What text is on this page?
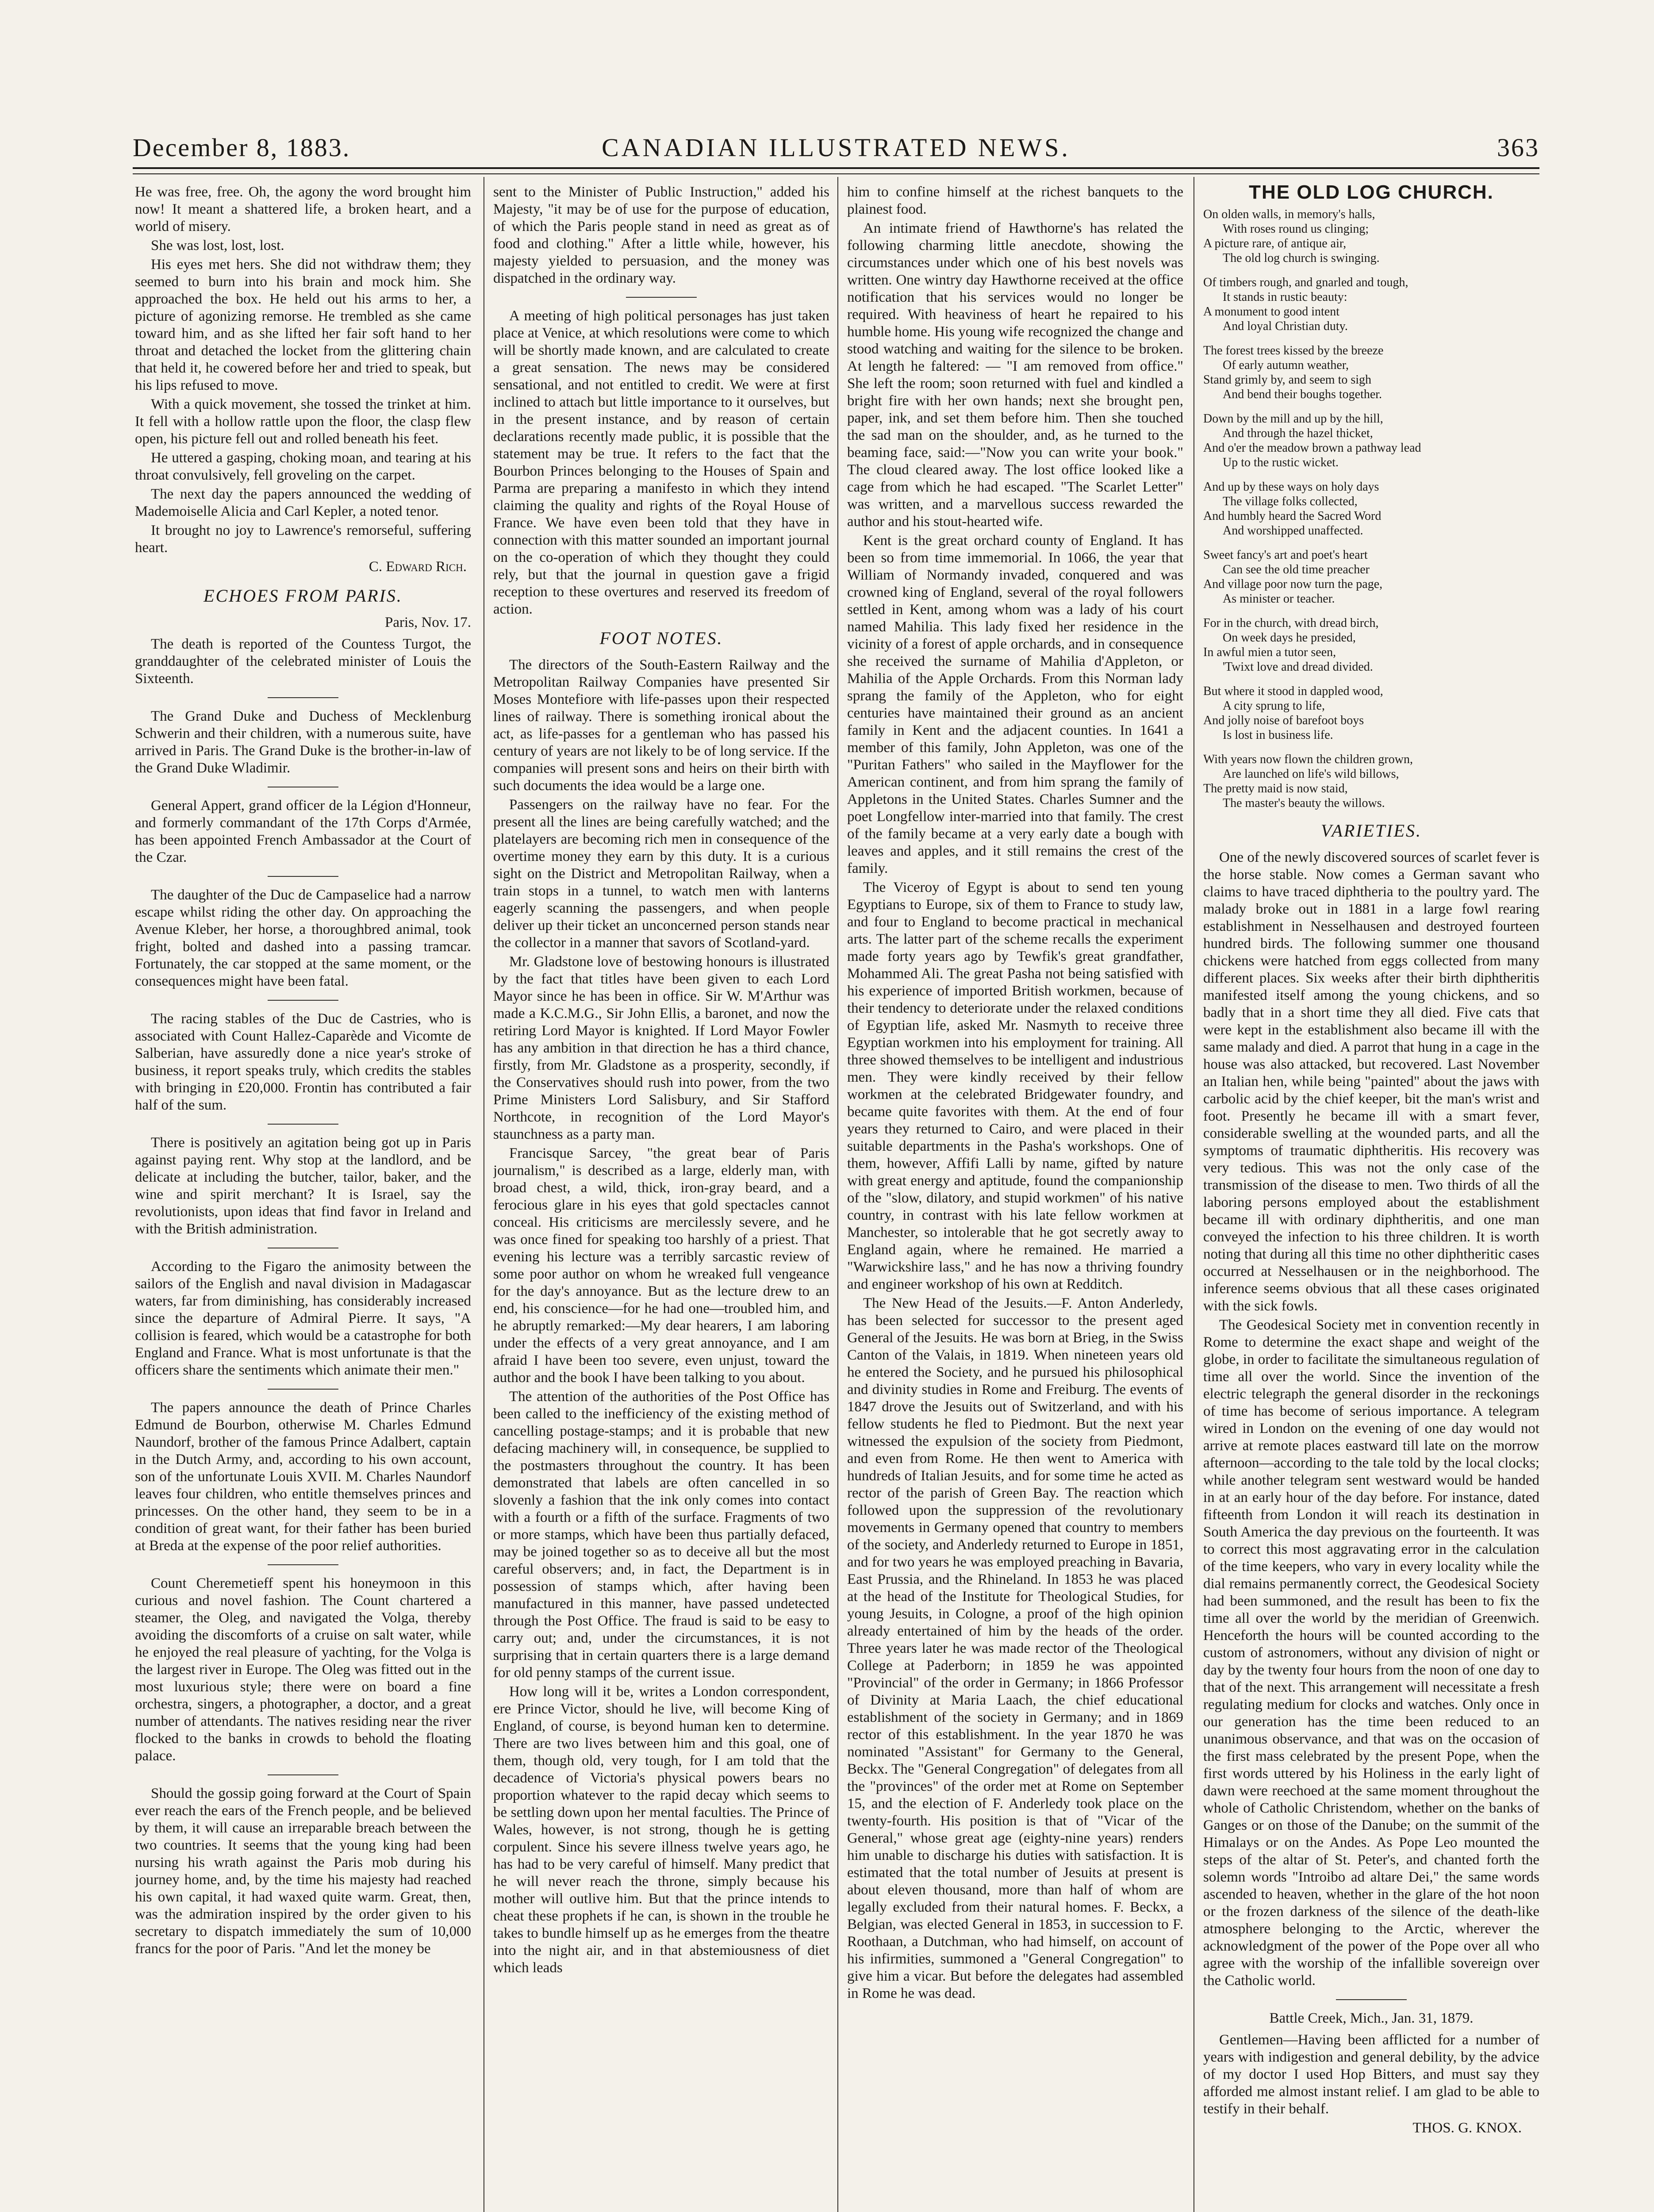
CANADIAN ILLUSTRATED NEWS.
December 8, 1883.	363

He was free, free. Oh, the agony the word brought him now! It meant a shattered life, a broken heart, and a world of misery.

She was lost, lost, lost.

His eyes met hers. She did not withdraw them; they seemed to burn into his brain and mock him. She approached the box. He held out his arms to her, a picture of agonizing remorse. He trembled as she came toward him, and as she lifted her fair soft hand to her throat and detached the locket from the glittering chain that held it, he cowered before her and tried to speak, but his lips refused to move.

With a quick movement, she tossed the trinket at him. It fell with a hollow rattle upon the floor, the clasp flew open, his picture fell out and rolled beneath his feet.

He uttered a gasping, choking moan, and tearing at his throat convulsively, fell groveling on the carpet.

The next day the papers announced the wedding of Mademoiselle Alicia and Carl Kepler, a noted tenor.

It brought no joy to Lawrence's remorseful, suffering heart.

C. Edward Rich.
ECHOES FROM PARIS.
Paris, Nov. 17.

The death is reported of the Countess Turgot, the granddaughter of the celebrated minister of Louis the Sixteenth.

The Grand Duke and Duchess of Mecklenburg Schwerin and their children, with a numerous suite, have arrived in Paris. The Grand Duke is the brother-in-law of the Grand Duke Wladimir.

General Appert, grand officer de la Légion d'Honneur, and formerly commandant of the 17th Corps d'Armée, has been appointed French Ambassador at the Court of the Czar.

The daughter of the Duc de Campaselice had a narrow escape whilst riding the other day. On approaching the Avenue Kleber, her horse, a thoroughbred animal, took fright, bolted and dashed into a passing tramcar. Fortunately, the car stopped at the same moment, or the consequences might have been fatal.

The racing stables of the Duc de Castries, who is associated with Count Hallez-Caparède and Vicomte de Salberian, have assuredly done a nice year's stroke of business, it report speaks truly, which credits the stables with bringing in £20,000. Frontin has contributed a fair half of the sum.

There is positively an agitation being got up in Paris against paying rent. Why stop at the landlord, and be delicate at including the butcher, tailor, baker, and the wine and spirit merchant? It is Israel, say the revolutionists, upon ideas that find favor in Ireland and with the British administration.

According to the Figaro the animosity between the sailors of the English and naval division in Madagascar waters, far from diminishing, has considerably increased since the departure of Admiral Pierre. It says, "A collision is feared, which would be a catastrophe for both England and France. What is most unfortunate is that the officers share the sentiments which animate their men."

The papers announce the death of Prince Charles Edmund de Bourbon, otherwise M. Charles Edmund Naundorf, brother of the famous Prince Adalbert, captain in the Dutch Army, and, according to his own account, son of the unfortunate Louis XVII. M. Charles Naundorf leaves four children, who entitle themselves princes and princesses. On the other hand, they seem to be in a condition of great want, for their father has been buried at Breda at the expense of the poor relief authorities.

Count Cheremetieff spent his honeymoon in this curious and novel fashion. The Count chartered a steamer, the Oleg, and navigated the Volga, thereby avoiding the discomforts of a cruise on salt water, while he enjoyed the real pleasure of yachting, for the Volga is the largest river in Europe. The Oleg was fitted out in the most luxurious style; there were on board a fine orchestra, singers, a photographer, a doctor, and a great number of attendants. The natives residing near the river flocked to the banks in crowds to behold the floating palace.

Should the gossip going forward at the Court of Spain ever reach the ears of the French people, and be believed by them, it will cause an irreparable breach between the two countries. It seems that the young king had been nursing his wrath against the Paris mob during his journey home, and, by the time his majesty had reached his own capital, it had waxed quite warm. Great, then, was the admiration inspired by the order given to his secretary to dispatch immediately the sum of 10,000 francs for the poor of Paris. "And let the money be

sent to the Minister of Public Instruction," added his Majesty, "it may be of use for the purpose of education, of which the Paris people stand in need as great as of food and clothing." After a little while, however, his majesty yielded to persuasion, and the money was dispatched in the ordinary way.

A meeting of high political personages has just taken place at Venice, at which resolutions were come to which will be shortly made known, and are calculated to create a great sensation. The news may be considered sensational, and not entitled to credit. We were at first inclined to attach but little importance to it ourselves, but in the present instance, and by reason of certain declarations recently made public, it is possible that the statement may be true. It refers to the fact that the Bourbon Princes belonging to the Houses of Spain and Parma are preparing a manifesto in which they intend claiming the quality and rights of the Royal House of France. We have even been told that they have in connection with this matter sounded an important journal on the co-operation of which they thought they could rely, but that the journal in question gave a frigid reception to these overtures and reserved its freedom of action.

FOOT NOTES.

The directors of the South-Eastern Railway and the Metropolitan Railway Companies have presented Sir Moses Montefiore with life-passes upon their respected lines of railway. There is something ironical about the act, as life-passes for a gentleman who has passed his century of years are not likely to be of long service. If the companies will present sons and heirs on their birth with such documents the idea would be a large one.

Passengers on the railway have no fear. For the present all the lines are being carefully watched; and the platelayers are becoming rich men in consequence of the overtime money they earn by this duty. It is a curious sight on the District and Metropolitan Railway, when a train stops in a tunnel, to watch men with lanterns eagerly scanning the passengers, and when people deliver up their ticket an unconcerned person stands near the collector in a manner that savors of Scotland-yard.

Mr. Gladstone love of bestowing honours is illustrated by the fact that titles have been given to each Lord Mayor since he has been in office. Sir W. M'Arthur was made a K.C.M.G., Sir John Ellis, a baronet, and now the retiring Lord Mayor is knighted. If Lord Mayor Fowler has any ambition in that direction he has a third chance, firstly, from Mr. Gladstone as a prosperity, secondly, if the Conservatives should rush into power, from the two Prime Ministers Lord Salisbury, and Sir Stafford Northcote, in recognition of the Lord Mayor's staunchness as a party man.

Francisque Sarcey, "the great bear of Paris journalism," is described as a large, elderly man, with broad chest, a wild, thick, iron-gray beard, and a ferocious glare in his eyes that gold spectacles cannot conceal. His criticisms are mercilessly severe, and he was once fined for speaking too harshly of a priest. That evening his lecture was a terribly sarcastic review of some poor author on whom he wreaked full vengeance for the day's annoyance. But as the lecture drew to an end, his conscience—for he had one—troubled him, and he abruptly remarked:—My dear hearers, I am laboring under the effects of a very great annoyance, and I am afraid I have been too severe, even unjust, toward the author and the book I have been talking to you about.

The attention of the authorities of the Post Office has been called to the inefficiency of the existing method of cancelling postage-stamps; and it is probable that new defacing machinery will, in consequence, be supplied to the postmasters throughout the country. It has been demonstrated that labels are often cancelled in so slovenly a fashion that the ink only comes into contact with a fourth or a fifth of the surface. Fragments of two or more stamps, which have been thus partially defaced, may be joined together so as to deceive all but the most careful observers; and, in fact, the Department is in possession of stamps which, after having been manufactured in this manner, have passed undetected through the Post Office. The fraud is said to be easy to carry out; and, under the circumstances, it is not surprising that in certain quarters there is a large demand for old penny stamps of the current issue.

How long will it be, writes a London correspondent, ere Prince Victor, should he live, will become King of England, of course, is beyond human ken to determine. There are two lives between him and this goal, one of them, though old, very tough, for I am told that the decadence of Victoria's physical powers bears no proportion whatever to the rapid decay which seems to be settling down upon her mental faculties. The Prince of Wales, however, is not strong, though he is getting corpulent. Since his severe illness twelve years ago, he has had to be very careful of himself. Many predict that he will never reach the throne, simply because his mother will outlive him. But that the prince intends to cheat these prophets if he can, is shown in the trouble he takes to bundle himself up as he emerges from the theatre into the night air, and in that abstemiousness of diet which leads

him to confine himself at the richest banquets to the plainest food.

An intimate friend of Hawthorne's has related the following charming little anecdote, showing the circumstances under which one of his best novels was written. One wintry day Hawthorne received at the office notification that his services would no longer be required. With heaviness of heart he repaired to his humble home. His young wife recognized the change and stood watching and waiting for the silence to be broken. At length he faltered: — "I am removed from office." She left the room; soon returned with fuel and kindled a bright fire with her own hands; next she brought pen, paper, ink, and set them before him. Then she touched the sad man on the shoulder, and, as he turned to the beaming face, said:—"Now you can write your book." The cloud cleared away. The lost office looked like a cage from which he had escaped. "The Scarlet Letter" was written, and a marvellous success rewarded the author and his stout-hearted wife.

Kent is the great orchard county of England. It has been so from time immemorial. In 1066, the year that William of Normandy invaded, conquered and was crowned king of England, several of the royal followers settled in Kent, among whom was a lady of his court named Mahilia. This lady fixed her residence in the vicinity of a forest of apple orchards, and in consequence she received the surname of Mahilia d'Appleton, or Mahilia of the Apple Orchards. From this Norman lady sprang the family of the Appleton, who for eight centuries have maintained their ground as an ancient family in Kent and the adjacent counties. In 1641 a member of this family, John Appleton, was one of the "Puritan Fathers" who sailed in the Mayflower for the American continent, and from him sprang the family of Appletons in the United States. Charles Sumner and the poet Longfellow inter-married into that family. The crest of the family became at a very early date a bough with leaves and apples, and it still remains the crest of the family.

The Viceroy of Egypt is about to send ten young Egyptians to Europe, six of them to France to study law, and four to England to become practical in mechanical arts. The latter part of the scheme recalls the experiment made forty years ago by Tewfik's great grandfather, Mohammed Ali. The great Pasha not being satisfied with his experience of imported British workmen, because of their tendency to deteriorate under the relaxed conditions of Egyptian life, asked Mr. Nasmyth to receive three Egyptian workmen into his employment for training. All three showed themselves to be intelligent and industrious men. They were kindly received by their fellow workmen at the celebrated Bridgewater foundry, and became quite favorites with them. At the end of four years they returned to Cairo, and were placed in their suitable departments in the Pasha's workshops. One of them, however, Affifi Lalli by name, gifted by nature with great energy and aptitude, found the companionship of the "slow, dilatory, and stupid workmen" of his native country, in contrast with his late fellow workmen at Manchester, so intolerable that he got secretly away to England again, where he remained. He married a "Warwickshire lass," and he has now a thriving foundry and engineer workshop of his own at Redditch.

The New Head of the Jesuits.—F. Anton Anderledy, has been selected for successor to the present aged General of the Jesuits. He was born at Brieg, in the Swiss Canton of the Valais, in 1819. When nineteen years old he entered the Society, and he pursued his philosophical and divinity studies in Rome and Freiburg. The events of 1847 drove the Jesuits out of Switzerland, and with his fellow students he fled to Piedmont. But the next year witnessed the expulsion of the society from Piedmont, and even from Rome. He then went to America with hundreds of Italian Jesuits, and for some time he acted as rector of the parish of Green Bay. The reaction which followed upon the suppression of the revolutionary movements in Germany opened that country to members of the society, and Anderledy returned to Europe in 1851, and for two years he was employed preaching in Bavaria, East Prussia, and the Rhineland. In 1853 he was placed at the head of the Institute for Theological Studies, for young Jesuits, in Cologne, a proof of the high opinion already entertained of him by the heads of the order. Three years later he was made rector of the Theological College at Paderborn; in 1859 he was appointed "Provincial" of the order in Germany; in 1866 Professor of Divinity at Maria Laach, the chief educational establishment of the society in Germany; and in 1869 rector of this establishment. In the year 1870 he was nominated "Assistant" for Germany to the General, Beckx. The "General Congregation" of delegates from all the "provinces" of the order met at Rome on September 15, and the election of F. Anderledy took place on the twenty-fourth. His position is that of "Vicar of the General," whose great age (eighty-nine years) renders him unable to discharge his duties with satisfaction. It is estimated that the total number of Jesuits at present is about eleven thousand, more than half of whom are legally excluded from their natural homes. F. Beckx, a Belgian, was elected General in 1853, in succession to F. Roothaan, a Dutchman, who had himself, on account of his infirmities, summoned a "General Congregation" to give him a vicar. But before the delegates had assembled in Rome he was dead.

THE OLD LOG CHURCH.
On olden walls, in memory's halls,
With roses round us clinging;
A picture rare, of antique air,
The old log church is swinging.
Of timbers rough, and gnarled and tough,
It stands in rustic beauty:
A monument to good intent
And loyal Christian duty.
The forest trees kissed by the breeze
Of early autumn weather,
Stand grimly by, and seem to sigh
And bend their boughs together.
Down by the mill and up by the hill,
And through the hazel thicket,
And o'er the meadow brown a pathway lead
Up to the rustic wicket.
And up by these ways on holy days
The village folks collected,
And humbly heard the Sacred Word
And worshipped unaffected.
Sweet fancy's art and poet's heart
Can see the old time preacher
And village poor now turn the page,
As minister or teacher.
For in the church, with dread birch,
On week days he presided,
In awful mien a tutor seen,
'Twixt love and dread divided.
But where it stood in dappled wood,
A city sprung to life,
And jolly noise of barefoot boys
Is lost in business life.
With years now flown the children grown,
Are launched on life's wild billows,
The pretty maid is now staid,
The master's beauty the willows.
VARIETIES.

One of the newly discovered sources of scarlet fever is the horse stable. Now comes a German savant who claims to have traced diphtheria to the poultry yard. The malady broke out in 1881 in a large fowl rearing establishment in Nesselhausen and destroyed fourteen hundred birds. The following summer one thousand chickens were hatched from eggs collected from many different places. Six weeks after their birth diphtheritis manifested itself among the young chickens, and so badly that in a short time they all died. Five cats that were kept in the establishment also became ill with the same malady and died. A parrot that hung in a cage in the house was also attacked, but recovered. Last November an Italian hen, while being "painted" about the jaws with carbolic acid by the chief keeper, bit the man's wrist and foot. Presently he became ill with a smart fever, considerable swelling at the wounded parts, and all the symptoms of traumatic diphtheritis. His recovery was very tedious. This was not the only case of the transmission of the disease to men. Two thirds of all the laboring persons employed about the establishment became ill with ordinary diphtheritis, and one man conveyed the infection to his three children. It is worth noting that during all this time no other diphtheritic cases occurred at Nesselhausen or in the neighborhood. The inference seems obvious that all these cases originated with the sick fowls.

The Geodesical Society met in convention recently in Rome to determine the exact shape and weight of the globe, in order to facilitate the simultaneous regulation of time all over the world. Since the invention of the electric telegraph the general disorder in the reckonings of time has become of serious importance. A telegram wired in London on the evening of one day would not arrive at remote places eastward till late on the morrow afternoon—according to the tale told by the local clocks; while another telegram sent westward would be handed in at an early hour of the day before. For instance, dated fifteenth from London it will reach its destination in South America the day previous on the fourteenth. It was to correct this most aggravating error in the calculation of the time keepers, who vary in every locality while the dial remains permanently correct, the Geodesical Society had been summoned, and the result has been to fix the time all over the world by the meridian of Greenwich. Henceforth the hours will be counted according to the custom of astronomers, without any division of night or day by the twenty four hours from the noon of one day to that of the next. This arrangement will necessitate a fresh regulating medium for clocks and watches. Only once in our generation has the time been reduced to an unanimous observance, and that was on the occasion of the first mass celebrated by the present Pope, when the first words uttered by his Holiness in the early light of dawn were reechoed at the same moment throughout the whole of Catholic Christendom, whether on the banks of Ganges or on those of the Danube; on the summit of the Himalays or on the Andes. As Pope Leo mounted the steps of the altar of St. Peter's, and chanted forth the solemn words "Introibo ad altare Dei," the same words ascended to heaven, whether in the glare of the hot noon or the frozen darkness of the silence of the death-like atmosphere belonging to the Arctic, wherever the acknowledgment of the power of the Pope over all who agree with the worship of the infallible sovereign over the Catholic world.

Battle Creek, Mich., Jan. 31, 1879.

Gentlemen—Having been afflicted for a number of years with indigestion and general debility, by the advice of my doctor I used Hop Bitters, and must say they afforded me almost instant relief. I am glad to be able to testify in their behalf.

THOS. G. KNOX.
